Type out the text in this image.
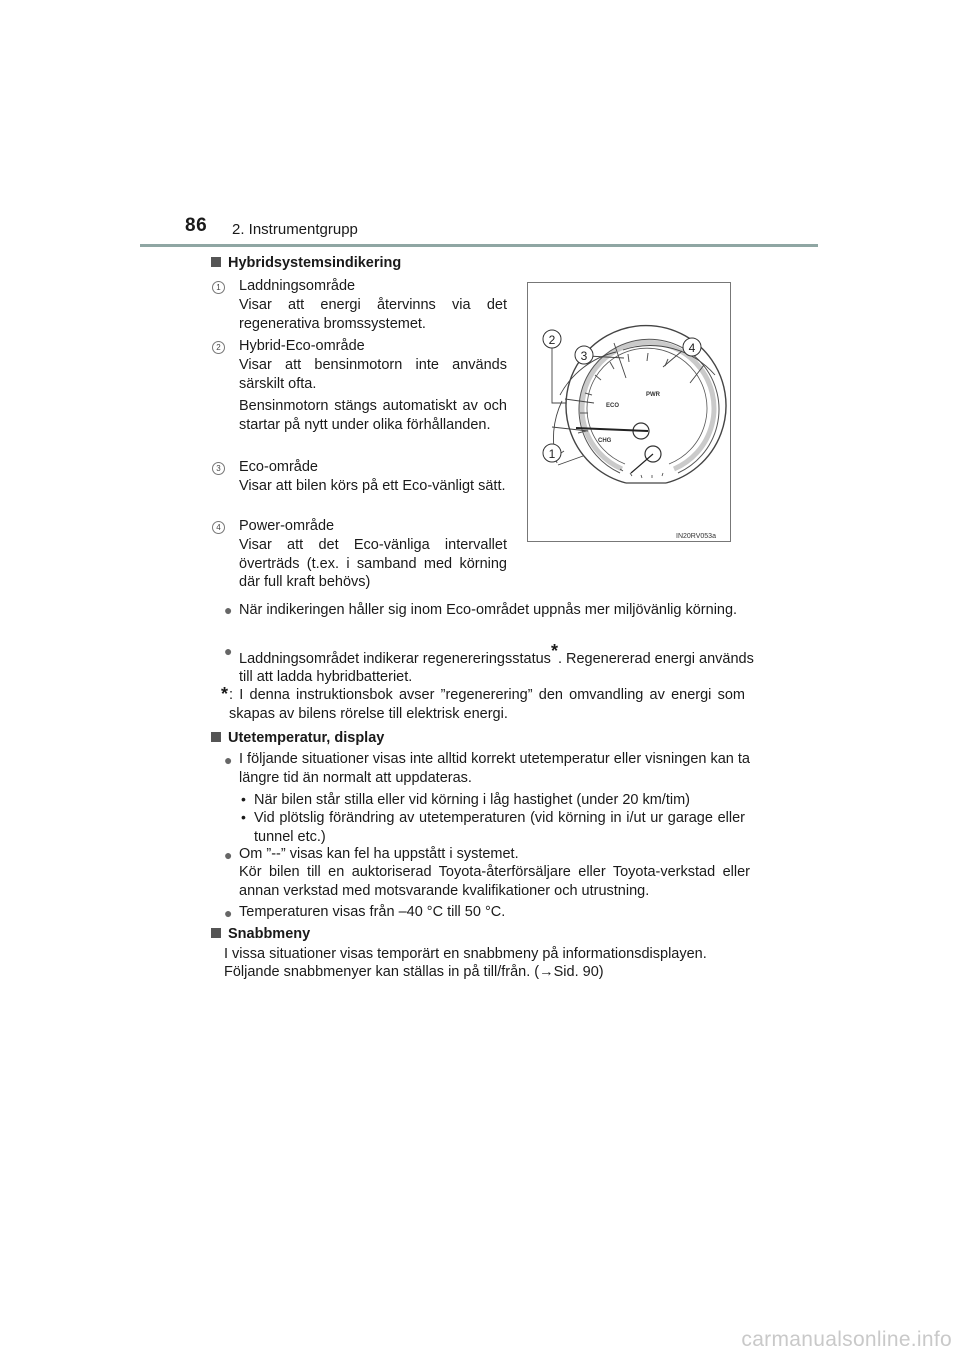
86 2. Instrumentgrupp
Hybridsystemsindikering
1 Laddningsområde
Visar att energi återvinns via det regenerativa bromssystemet.
2 Hybrid-Eco-område
Visar att bensinmotorn inte används särskilt ofta.
Bensinmotorn stängs automatiskt av och startar på nytt under olika förhållanden.
3 Eco-område
Visar att bilen körs på ett Eco-vänligt sätt.
4 Power-område
Visar att det Eco-vänliga intervallet överträds (t.ex. i samband med körning där full kraft behövs)
PWR
ECO
CHG
2
3
4
1
IN20RV053a
● När indikeringen håller sig inom Eco-området uppnås mer miljövänlig körning.
● Laddningsområdet indikerar regenereringsstatus*. Regenererad energi används till att ladda hybridbatteriet.
* : I denna instruktionsbok avser ”regenerering” den omvandling av energi som skapas av bilens rörelse till elektrisk energi.
Utetemperatur, display
● I följande situationer visas inte alltid korrekt utetemperatur eller visningen kan ta längre tid än normalt att uppdateras.
• När bilen står stilla eller vid körning i låg hastighet (under 20 km/tim)
• Vid plötslig förändring av utetemperaturen (vid körning in i/ut ur garage eller tunnel etc.)
● Om ”--” visas kan fel ha uppstått i systemet.
Kör bilen till en auktoriserad Toyota-återförsäljare eller Toyota-verkstad eller annan verkstad med motsvarande kvalifikationer och utrustning.
● Temperaturen visas från –40 °C till 50 °C.
Snabbmeny
I vissa situationer visas temporärt en snabbmeny på informationsdisplayen.
Följande snabbmenyer kan ställas in på till/från. (→Sid. 90)
carmanualsonline.info
